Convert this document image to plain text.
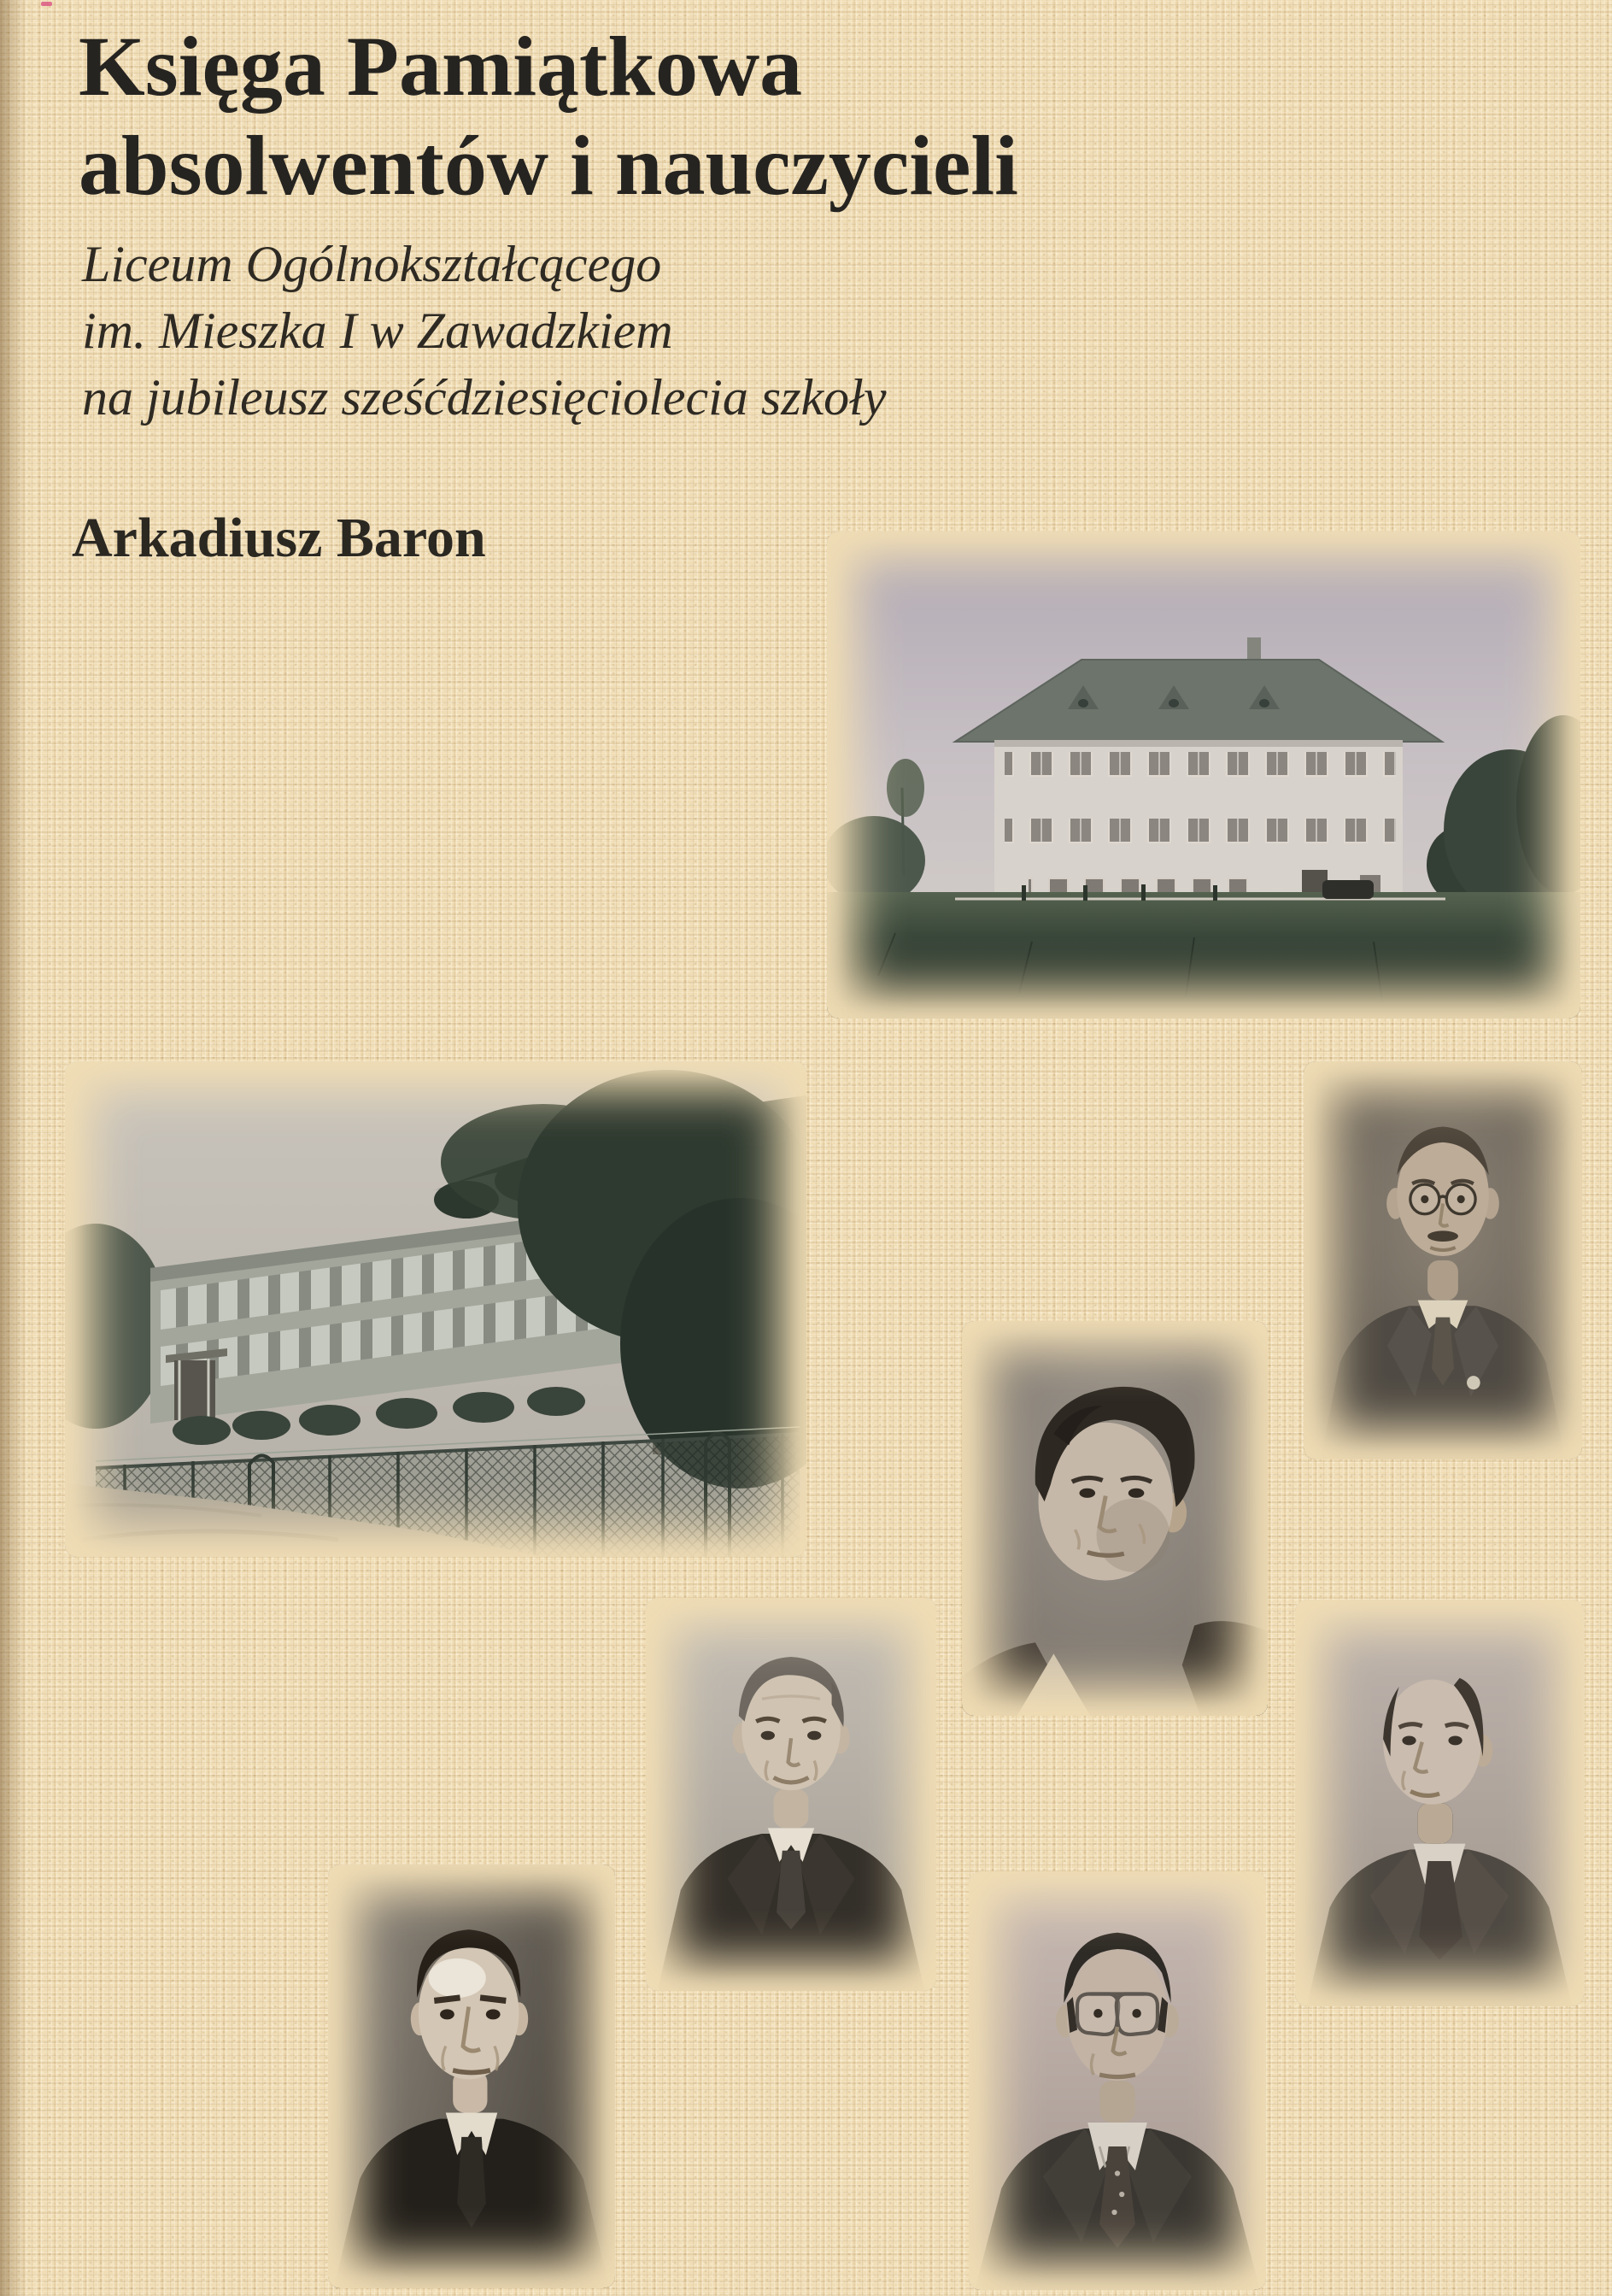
Księga Pamiątkowa
absolwentów i nauczycieli
Liceum Ogólnokształcącego
im. Mieszka I w Zawadzkiem
na jubileusz sześćdziesięciolecia szkoły
Arkadiusz Baron
